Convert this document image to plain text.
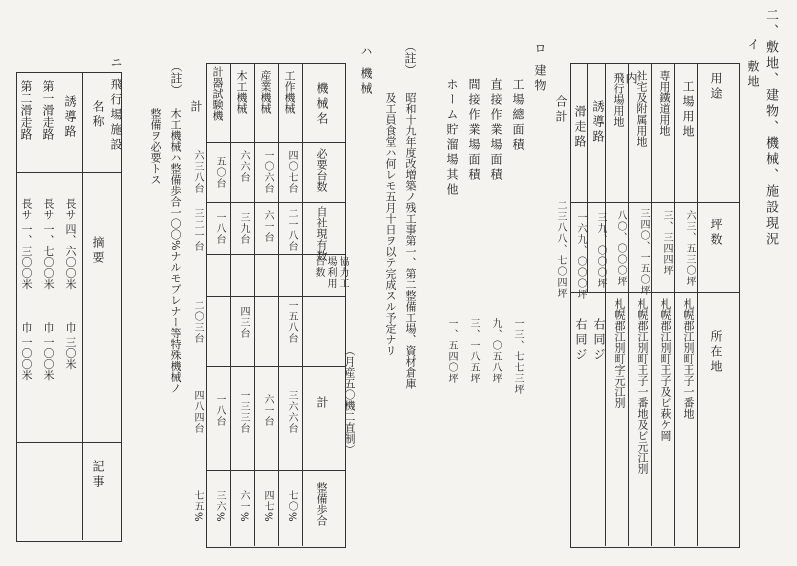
二、敷地、建物、機械、施設現況
イ 敷地
用途
坪数
所在地
工場用地
六三、五三〇坪
札幌郡江別町王子一番地
専用鐵道用地
三、三四四坪
札幌郡江別町王子及ビ萩ケ岡
社宅及附属用地
三四〇、一五〇坪
札幌郡江別町王子一番地及ビ元江別
飛行場用地
八〇、〇〇〇坪
札幌郡江別町字元江別
内
誘導路
三九、〇〇〇坪
右同ジ
滑走路
一六九、〇〇〇坪
右同ジ
合計
二三八八、七〇四坪
ロ 建物
工場總面積
一三、七七三坪
直接作業場面積
九、〇五八坪
間接作業場面積
三、一八五坪
ホーム貯溜場其他
一、五四〇坪
（註）
昭和十九年度改増築ノ残工事第一、第二整備工場、資材倉庫
及工員食堂ハ何レモ五月十日ヲ以テ完成スル予定ナリ
ハ 機械
（月産五〇機二直制）
機械名
必要台数
自社現有数
協力工場利用台数
計
整備歩合
工作機械
四〇七台
二一八台
一五八台
三六六台
七〇%
産業機械
一〇六台
六一台
六一台
四七%
木工機械
六六台
三九台
四三台
一三三台
六一%
計器試験機
五〇台
一八台
一八台
三六%
計
六三八台
三二一台
二〇三台
四八四台
七五%
（註）
木工機械ハ整備歩合一〇〇%ナルモブレナー等特殊機械ノ
整備ヲ必要トス
ニ 飛行場施設
名称
摘要
記事
誘導路
長サ 四、六〇〇米
巾 三〇米
第一滑走路
長サ 一、七〇〇米
巾 一〇〇米
第二滑走路
長サ 一、三〇〇米
巾 一〇〇米
